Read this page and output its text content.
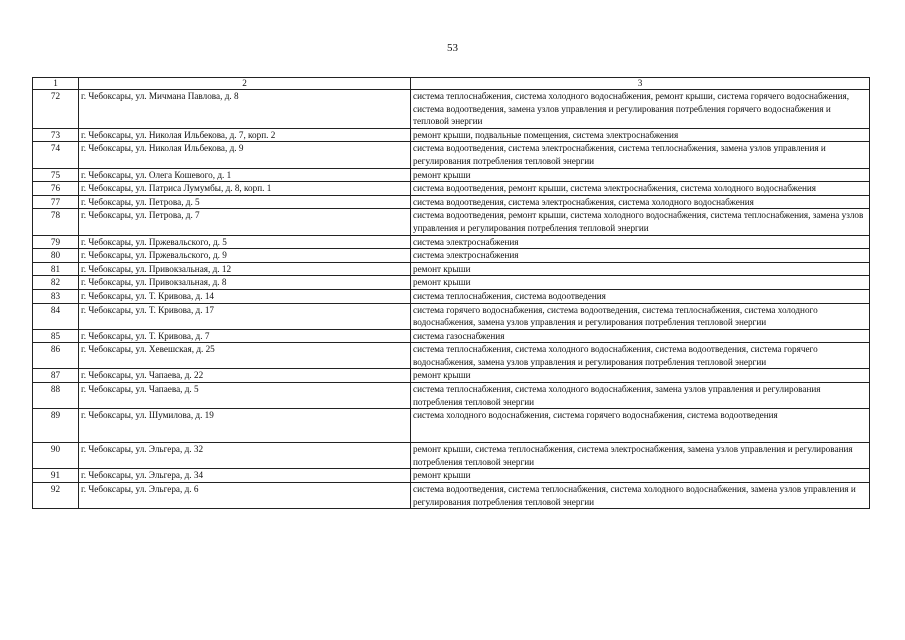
53
1	2	3
72	г. Чебоксары, ул. Мичмана Павлова, д. 8	система теплоснабжения, система холодного водоснабжения, ремонт крыши, система горячего водоснабжения, система водоотведения, замена узлов управления и регулирования потребления горячего водоснабжения и тепловой энергии
73	г. Чебоксары, ул. Николая Ильбекова, д. 7, корп. 2	ремонт крыши, подвальные помещения, система электроснабжения
74	г. Чебоксары, ул. Николая Ильбекова, д. 9	система водоотведения, система электроснабжения, система теплоснабжения, замена узлов управления и регулирования потребления тепловой энергии
75	г. Чебоксары, ул. Олега Кошевого, д. 1	ремонт крыши
76	г. Чебоксары, ул. Патриса Лумумбы, д. 8, корп. 1	система водоотведения, ремонт крыши, система электроснабжения, система холодного водоснабжения
77	г. Чебоксары, ул. Петрова, д. 5	система водоотведения, система электроснабжения, система холодного водоснабжения
78	г. Чебоксары, ул. Петрова, д. 7	система водоотведения, ремонт крыши, система холодного водоснабжения, система теплоснабжения, замена узлов управления и регулирования потребления тепловой энергии
79	г. Чебоксары, ул. Пржевальского, д. 5	система электроснабжения
80	г. Чебоксары, ул. Пржевальского, д. 9	система электроснабжения
81	г. Чебоксары, ул. Привокзальная, д. 12	ремонт крыши
82	г. Чебоксары, ул. Привокзальная, д. 8	ремонт крыши
83	г. Чебоксары, ул. Т. Кривова, д. 14	система теплоснабжения, система водоотведения
84	г. Чебоксары, ул. Т. Кривова, д. 17	система горячего водоснабжения, система водоотведения, система теплоснабжения, система холодного водоснабжения, замена узлов управления и регулирования потребления тепловой энергии
85	г. Чебоксары, ул. Т. Кривова, д. 7	система газоснабжения
86	г. Чебоксары, ул. Хевешская, д. 25	система теплоснабжения, система холодного водоснабжения, система водоотведения, система горячего водоснабжения, замена узлов управления и регулирования потребления тепловой энергии
87	г. Чебоксары, ул. Чапаева, д. 22	ремонт крыши
88	г. Чебоксары, ул. Чапаева, д. 5	система теплоснабжения, система холодного водоснабжения, замена узлов управления и регулирования потребления тепловой энергии
89	г. Чебоксары, ул. Шумилова, д. 19	система холодного водоснабжения, система горячего водоснабжения, система водоотведения
90	г. Чебоксары, ул. Эльгера, д. 32	ремонт крыши, система теплоснабжения, система электроснабжения, замена узлов управления и регулирования потребления тепловой энергии
91	г. Чебоксары, ул. Эльгера, д. 34	ремонт крыши
92	г. Чебоксары, ул. Эльгера, д. 6	система водоотведения, система теплоснабжения, система холодного водоснабжения, замена узлов управления и регулирования потребления тепловой энергии
